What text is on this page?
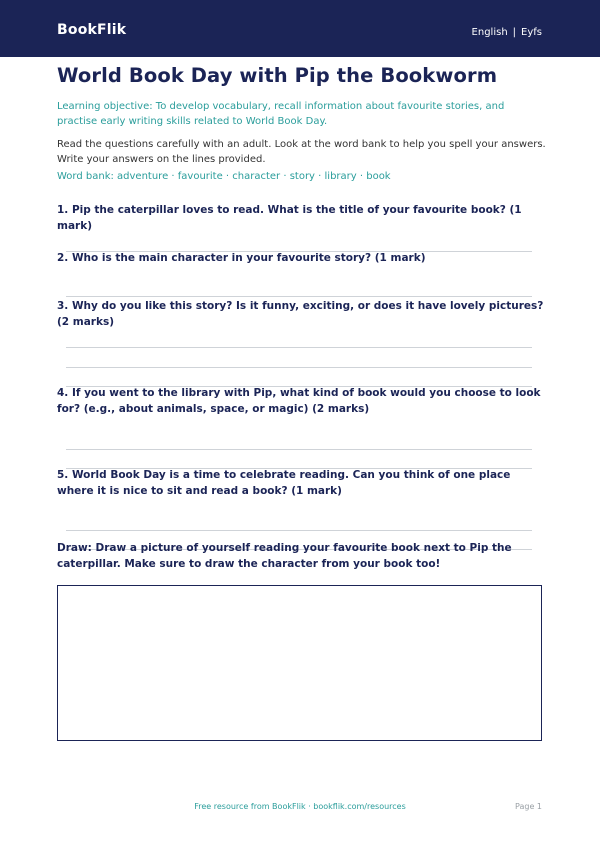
BookFlik	English | Eyfs
World Book Day with Pip the Bookworm
Learning objective: To develop vocabulary, recall information about favourite stories, and practise early writing skills related to World Book Day.
Read the questions carefully with an adult. Look at the word bank to help you spell your answers. Write your answers on the lines provided.
Word bank: adventure · favourite · character · story · library · book
1. Pip the caterpillar loves to read. What is the title of your favourite book? (1 mark)
2. Who is the main character in your favourite story? (1 mark)
3. Why do you like this story? Is it funny, exciting, or does it have lovely pictures? (2 marks)
4. If you went to the library with Pip, what kind of book would you choose to look for? (e.g., about animals, space, or magic) (2 marks)
5. World Book Day is a time to celebrate reading. Can you think of one place where it is nice to sit and read a book? (1 mark)
Draw: Draw a picture of yourself reading your favourite book next to Pip the caterpillar. Make sure to draw the character from your book too!
Free resource from BookFlik · bookflik.com/resources	Page 1
